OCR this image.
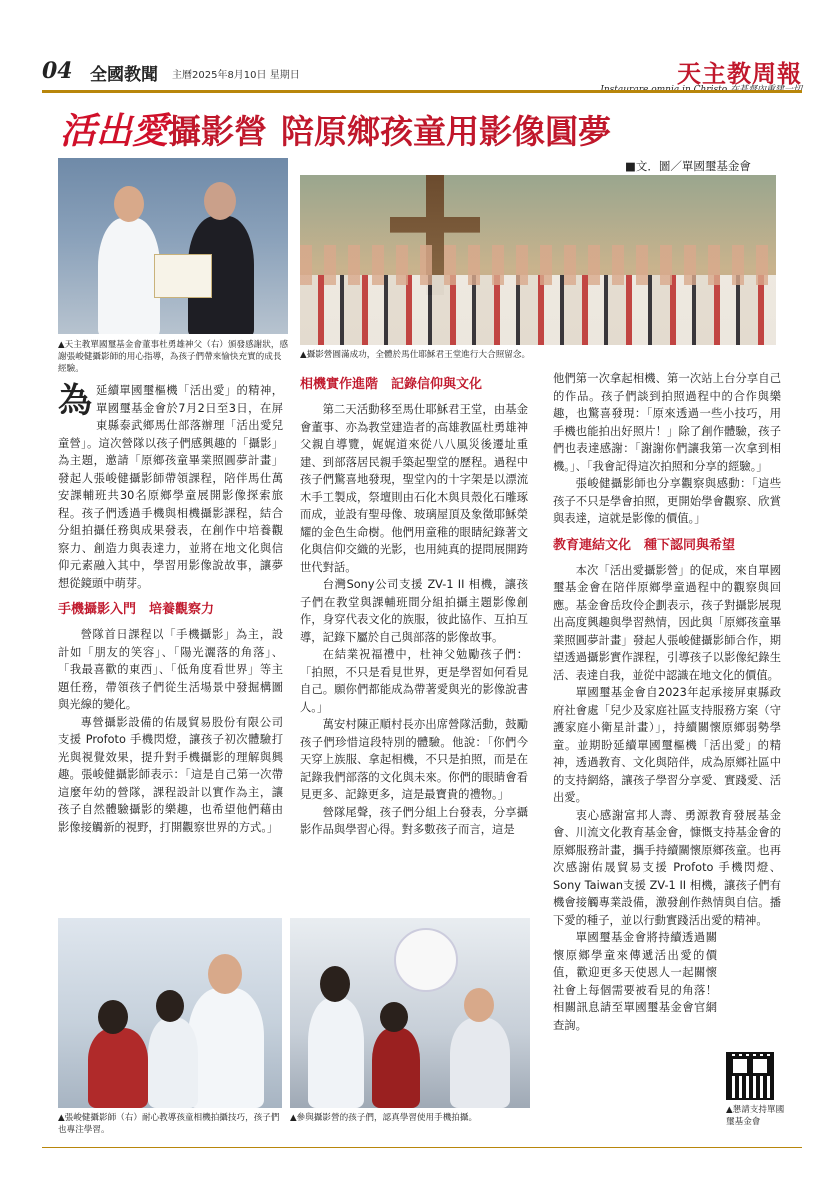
04 全國教聞 主曆2025年8月10日 星期日	天主教周報
活出愛攝影營 陪原鄉孩童用影像圓夢
■文．圖／單國璽基金會
▲天主教單國璽基金會董事杜勇雄神父（右）頒發感謝狀，感謝張峻健攝影師的用心指導，為孩子們帶來愉快充實的成長經驗。
▲攝影營圓滿成功，全體於馬仕耶穌君王堂進行大合照留念。

為延續單國璽樞機「活出愛」的精神，單國璽基金會於7月2日至3日，在屏東縣泰武鄉馬仕部落辦理「活出愛兒童營」。這次營隊以孩子們感興趣的「攝影」為主題，邀請「原鄉孩童畢業照圓夢計畫」發起人張峻健攝影師帶領課程，陪伴馬仕萬安課輔班共30名原鄉學童展開影像探索旅程。孩子們透過手機與相機攝影課程，結合分組拍攝任務與成果發表，在創作中培養觀察力、創造力與表達力，並將在地文化與信仰元素融入其中，學習用影像說故事，讓夢想從鏡頭中萌芽。

手機攝影入門　培養觀察力

營隊首日課程以「手機攝影」為主，設計如「朋友的笑容」、「陽光灑落的角落」、「我最喜歡的東西」、「低角度看世界」等主題任務，帶領孩子們從生活場景中發掘構圖與光線的變化。

專營攝影設備的佑晟貿易股份有限公司支援 Profoto 手機閃燈，讓孩子初次體驗打光與視覺效果，提升對手機攝影的理解與興趣。張峻健攝影師表示：「這是自己第一次帶這麼年幼的營隊，課程設計以實作為主，讓孩子自然體驗攝影的樂趣，也希望他們藉由影像接觸新的視野，打開觀察世界的方式。」

相機實作進階　記錄信仰與文化

第二天活動移至馬仕耶穌君王堂，由基金會董事、亦為教堂建造者的高雄教區杜勇雄神父親自導覽，娓娓道來從八八風災後遷址重建、到部落居民親手築起聖堂的歷程。過程中孩子們驚喜地發現，聖堂內的十字架是以漂流木手工製成，祭壇則由石化木與貝殼化石雕琢而成，並設有聖母像、玻璃屋頂及象徵耶穌榮耀的金色生命樹。他們用童稚的眼睛紀錄著文化與信仰交織的光影，也用純真的提問展開跨世代對話。

台灣Sony公司支援 ZV-1 II 相機，讓孩子們在教堂與課輔班間分組拍攝主題影像創作，身穿代表文化的族服，彼此協作、互拍互導，記錄下屬於自己與部落的影像故事。

在結業祝福禮中，杜神父勉勵孩子們：「拍照，不只是看見世界，更是學習如何看見自己。願你們都能成為帶著愛與光的影像說書人。」

萬安村陳正順村長亦出席營隊活動，鼓勵孩子們珍惜這段特別的體驗。他說：「你們今天穿上族服、拿起相機，不只是拍照，而是在記錄我們部落的文化與未來。你們的眼睛會看見更多、記錄更多，這是最寶貴的禮物。」

營隊尾聲，孩子們分組上台發表，分享攝影作品與學習心得。對多數孩子而言，這是

他們第一次拿起相機、第一次站上台分享自己的作品。孩子們談到拍照過程中的合作與樂趣，也驚喜發現：「原來透過一些小技巧，用手機也能拍出好照片！」除了創作體驗，孩子們也表達感謝：「謝謝你們讓我第一次拿到相機。」、「我會記得這次拍照和分享的經驗。」

張峻健攝影師也分享觀察與感動：「這些孩子不只是學會拍照，更開始學會觀察、欣賞與表達，這就是影像的價值。」

教育連結文化　種下認同與希望

本次「活出愛攝影營」的促成，來自單國璽基金會在陪伴原鄉學童過程中的觀察與回應。基金會岳玫伶企劃表示，孩子對攝影展現出高度興趣與學習熱情，因此與「原鄉孩童畢業照圓夢計畫」發起人張峻健攝影師合作，期望透過攝影實作課程，引導孩子以影像紀錄生活、表達自我，並從中認識在地文化的價值。

單國璽基金會自2023年起承接屏東縣政府社會處「兒少及家庭社區支持服務方案（守護家庭小衛星計畫）」，持續關懷原鄉弱勢學童。並期盼延續單國璽樞機「活出愛」的精神，透過教育、文化與陪伴，成為原鄉社區中的支持網絡，讓孩子學習分享愛、實踐愛、活出愛。

衷心感謝富邦人壽、勇源教育發展基金會、川流文化教育基金會，慷慨支持基金會的原鄉服務計畫，攜手持續關懷原鄉孩童。也再次感謝佑晟貿易支援 Profoto 手機閃燈、Sony Taiwan支援 ZV-1 II 相機，讓孩子們有機會接觸專業設備，激發創作熱情與自信。播下愛的種子，並以行動實踐活出愛的精神。

單國璽基金會將持續透過關懷原鄉學童來傳遞活出愛的價值，歡迎更多天使恩人一起關懷社會上每個需要被看見的角落！相關訊息請至單國璽基金會官網查詢。

▲張峻健攝影師（右）耐心教導孩童相機拍攝技巧，孩子們也專注學習。
▲參與攝影營的孩子們，認真學習使用手機拍攝。
▲懇請支持單國璽基金會
